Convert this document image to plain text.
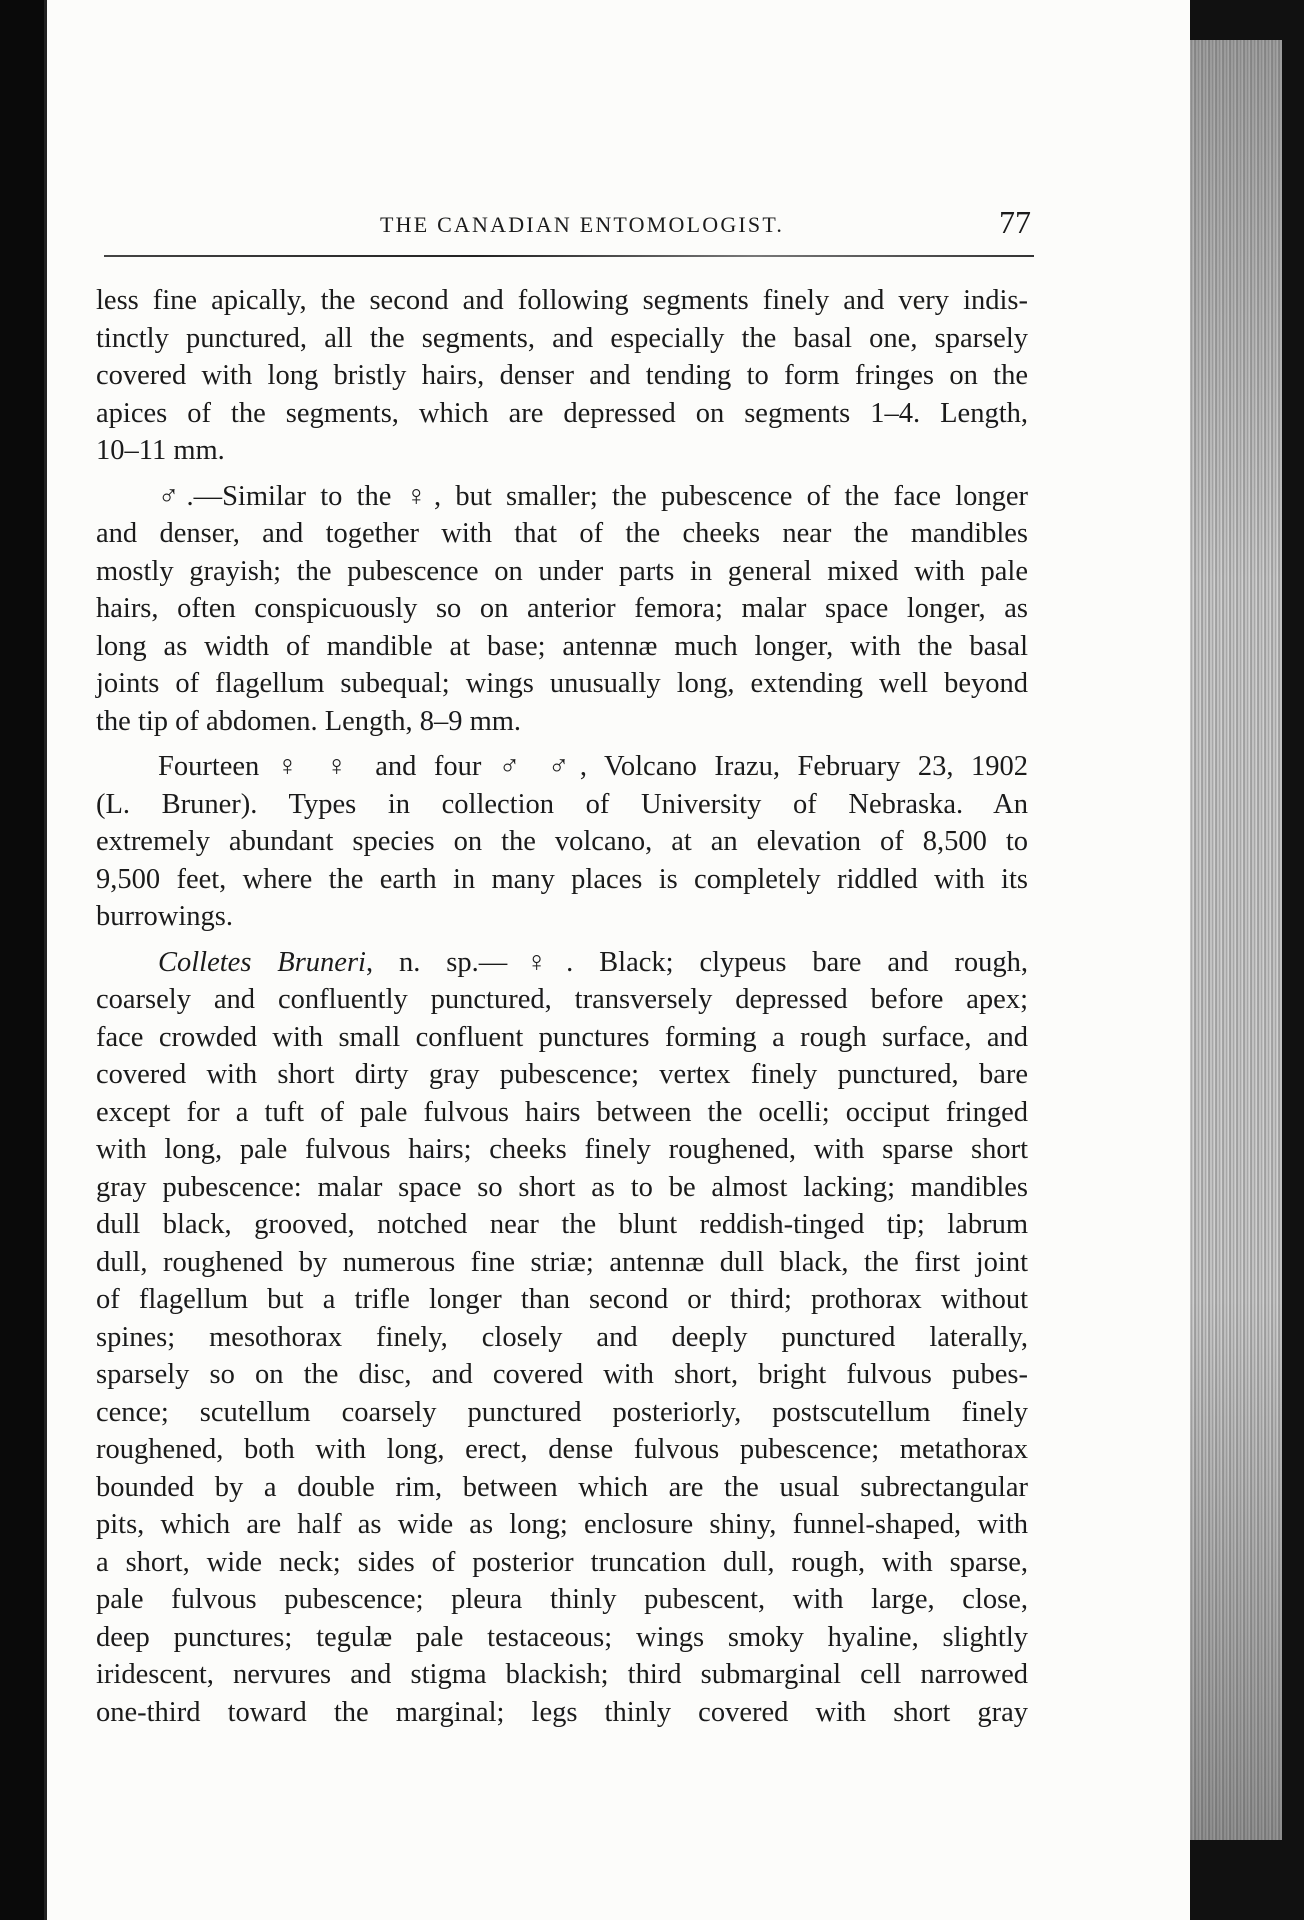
THE CANADIAN ENTOMOLOGIST.	77

less fine apically, the second and following segments finely and very indis-
tinctly punctured, all the segments, and especially the basal one, sparsely
covered with long bristly hairs, denser and tending to form fringes on the
apices of the segments, which are depressed on segments 1–4. Length,
10–11 mm.

♂.—Similar to the ♀, but smaller; the pubescence of the face longer
and denser, and together with that of the cheeks near the mandibles
mostly grayish; the pubescence on under parts in general mixed with pale
hairs, often conspicuously so on anterior femora; malar space longer, as
long as width of mandible at base; antennæ much longer, with the basal
joints of flagellum subequal; wings unusually long, extending well beyond
the tip of abdomen. Length, 8–9 mm.

Fourteen ♀ ♀ and four ♂ ♂, Volcano Irazu, February 23, 1902
(L. Bruner). Types in collection of University of Nebraska. An
extremely abundant species on the volcano, at an elevation of 8,500 to
9,500 feet, where the earth in many places is completely riddled with its
burrowings.

Colletes Bruneri, n. sp.—♀. Black; clypeus bare and rough,
coarsely and confluently punctured, transversely depressed before apex;
face crowded with small confluent punctures forming a rough surface, and
covered with short dirty gray pubescence; vertex finely punctured, bare
except for a tuft of pale fulvous hairs between the ocelli; occiput fringed
with long, pale fulvous hairs; cheeks finely roughened, with sparse short
gray pubescence: malar space so short as to be almost lacking; mandibles
dull black, grooved, notched near the blunt reddish-tinged tip; labrum
dull, roughened by numerous fine striæ; antennæ dull black, the first joint
of flagellum but a trifle longer than second or third; prothorax without
spines; mesothorax finely, closely and deeply punctured laterally,
sparsely so on the disc, and covered with short, bright fulvous pubes-
cence; scutellum coarsely punctured posteriorly, postscutellum finely
roughened, both with long, erect, dense fulvous pubescence; metathorax
bounded by a double rim, between which are the usual subrectangular
pits, which are half as wide as long; enclosure shiny, funnel-shaped, with
a short, wide neck; sides of posterior truncation dull, rough, with sparse,
pale fulvous pubescence; pleura thinly pubescent, with large, close,
deep punctures; tegulæ pale testaceous; wings smoky hyaline, slightly
iridescent, nervures and stigma blackish; third submarginal cell narrowed
one-third toward the marginal; legs thinly covered with short gray
